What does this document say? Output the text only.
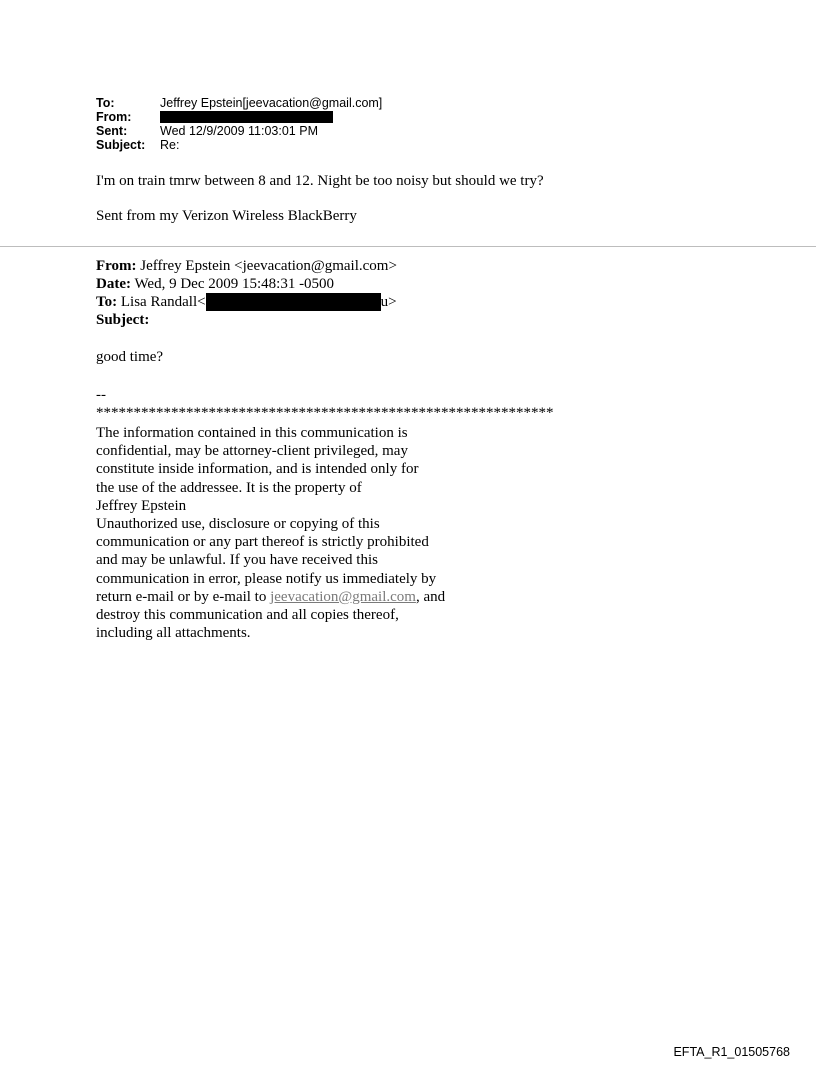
To:	Jeffrey Epstein[jeevacation@gmail.com]
From:
Sent:	Wed 12/9/2009 11:03:01 PM
Subject:	Re:
I'm on train tmrw between 8 and 12. Night be too noisy but should we try?
Sent from my Verizon Wireless BlackBerry
From: Jeffrey Epstein <jeevacation@gmail.com>
Date: Wed, 9 Dec 2009 15:48:31 -0500
To: Lisa Randall<	u>
Subject:
good time?
--
*************************************************************
The information contained in this communication is
confidential, may be attorney-client privileged, may
constitute inside information, and is intended only for
the use of the addressee. It is the property of
Jeffrey Epstein
Unauthorized use, disclosure or copying of this
communication or any part thereof is strictly prohibited
and may be unlawful. If you have received this
communication in error, please notify us immediately by
return e-mail or by e-mail to jeevacation@gmail.com, and
destroy this communication and all copies thereof,
including all attachments.
EFTA_R1_01505768
